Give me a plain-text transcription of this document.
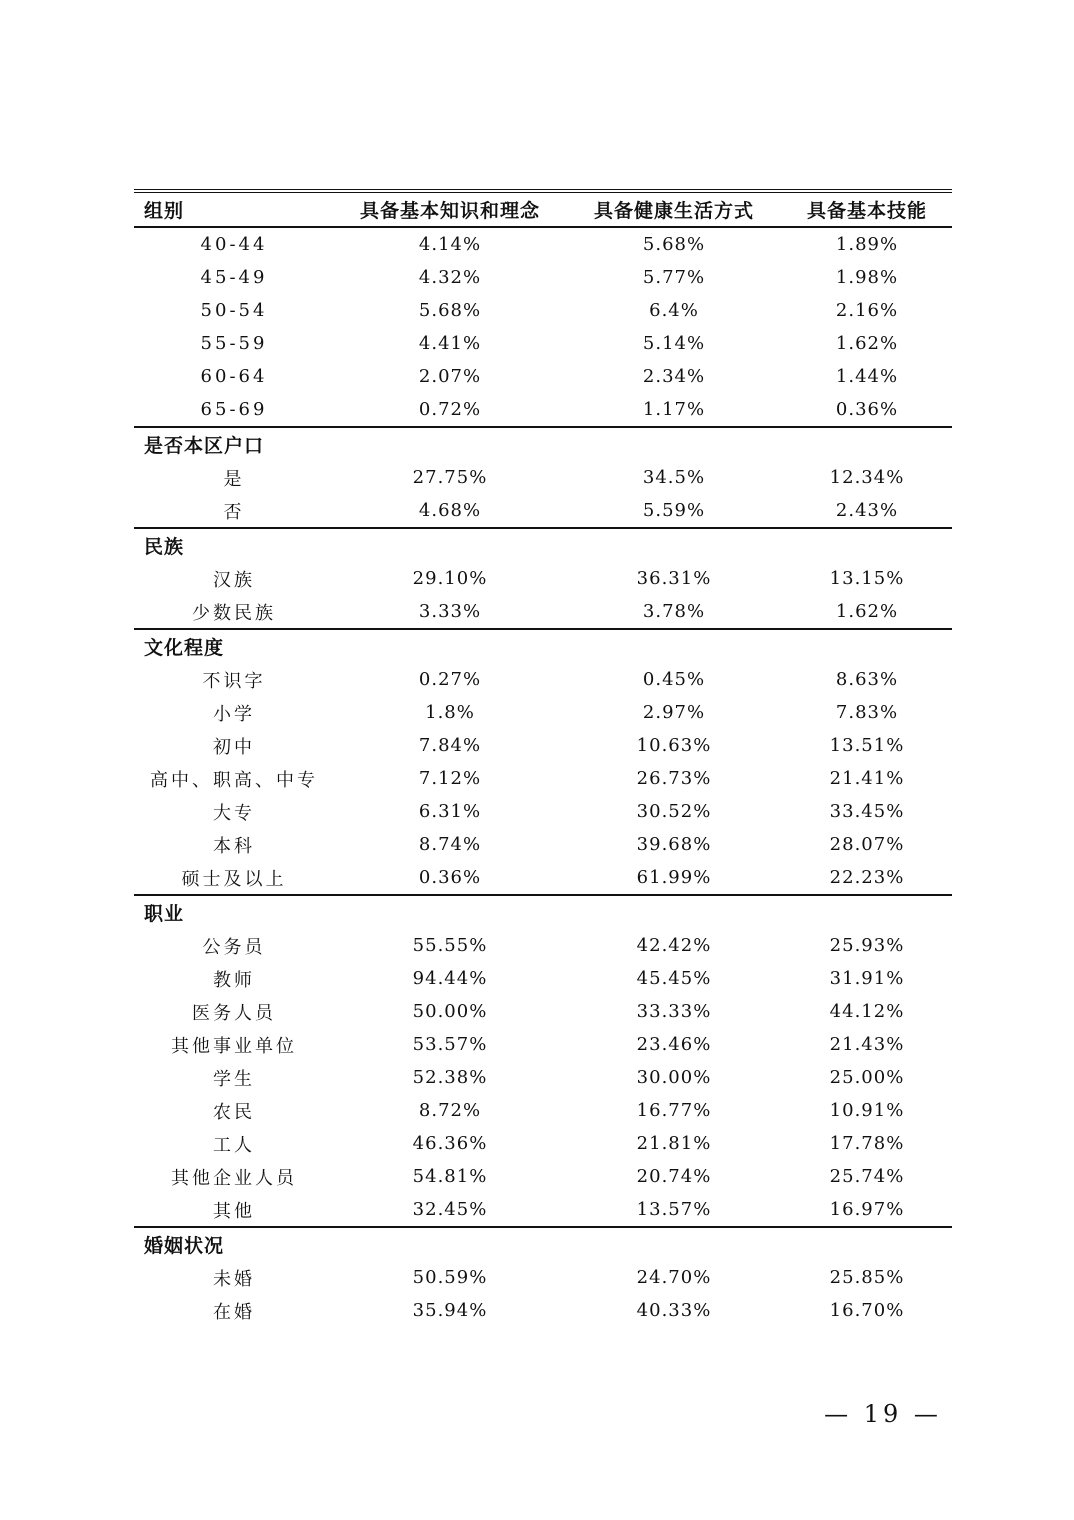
组别	具备基本知识和理念	具备健康生活方式	具备基本技能
40-44	4.14%	5.68%	1.89%
45-49	4.32%	5.77%	1.98%
50-54	5.68%	6.4%	2.16%
55-59	4.41%	5.14%	1.62%
60-64	2.07%	2.34%	1.44%
65-69	0.72%	1.17%	0.36%
是否本区户口			
是	27.75%	34.5%	12.34%
否	4.68%	5.59%	2.43%
民族			
汉族	29.10%	36.31%	13.15%
少数民族	3.33%	3.78%	1.62%
文化程度			
不识字	0.27%	0.45%	8.63%
小学	1.8%	2.97%	7.83%
初中	7.84%	10.63%	13.51%
高中、职高、中专	7.12%	26.73%	21.41%
大专	6.31%	30.52%	33.45%
本科	8.74%	39.68%	28.07%
硕士及以上	0.36%	61.99%	22.23%
职业			
公务员	55.55%	42.42%	25.93%
教师	94.44%	45.45%	31.91%
医务人员	50.00%	33.33%	44.12%
其他事业单位	53.57%	23.46%	21.43%
学生	52.38%	30.00%	25.00%
农民	8.72%	16.77%	10.91%
工人	46.36%	21.81%	17.78%
其他企业人员	54.81%	20.74%	25.74%
其他	32.45%	13.57%	16.97%
婚姻状况			
未婚	50.59%	24.70%	25.85%
在婚	35.94%	40.33%	16.70%
— 19 —
